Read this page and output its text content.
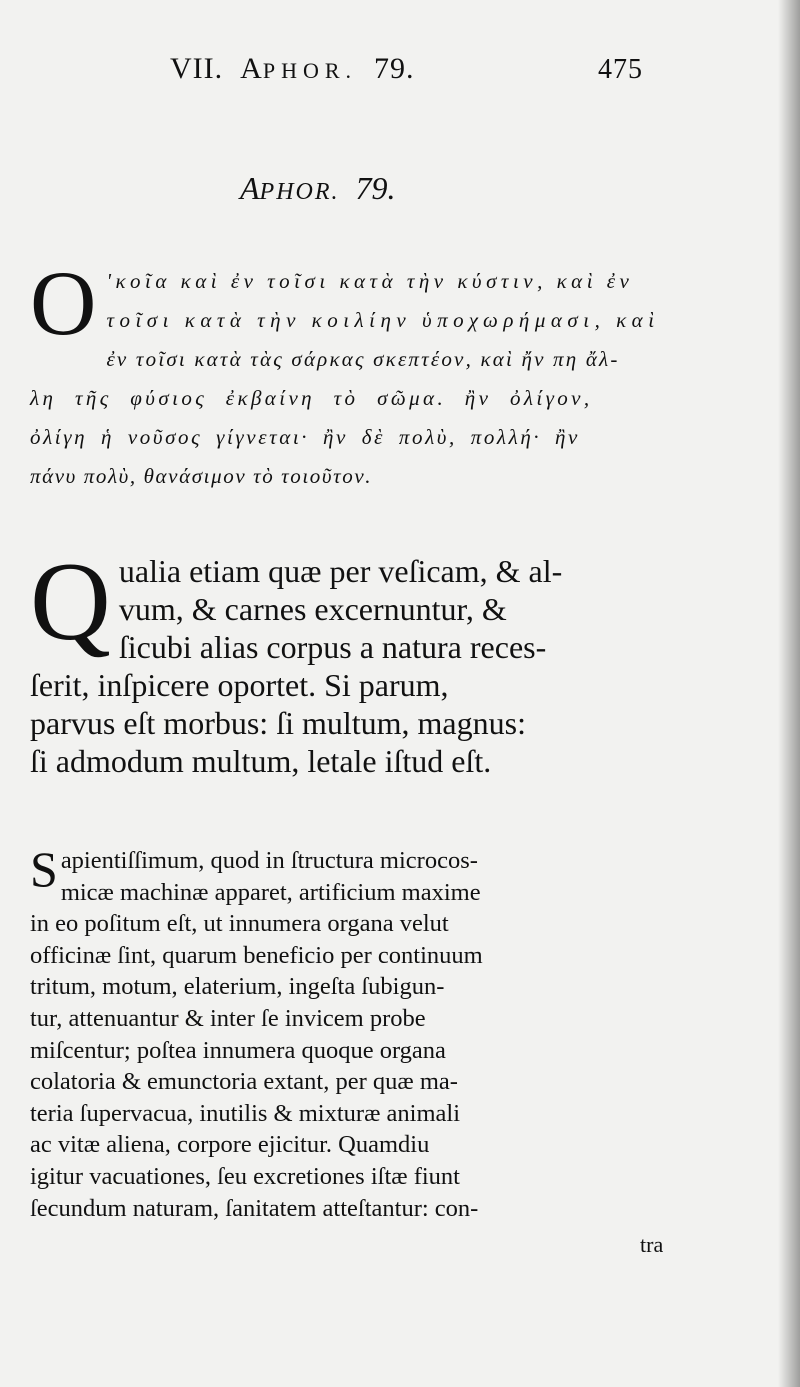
VII. APHOR. 79.	475
APHOR. 79.
O ʹκοῖα καὶ ἐν τοῖσι κατὰ τὴν κύστιν, καὶ ἐν
τοῖσι κατὰ τὴν κοιλίην ὑποχωρήμασι, καὶ
ἐν τοῖσι κατὰ τὰς σάρκας σκεπτέον, καὶ ἤν πη ἄλ-
λη τῆς φύσιος ἐκβαίνη τὸ σῶμα. ἢν ὀλίγον,
ὀλίγη ἡ νοῦσος γίγνεται· ἢν δὲ πολὺ, πολλή· ἢν
πάνυ πολὺ, θανάσιμον τὸ τοιοῦτον.
Q ualia etiam quæ per veſicam, & al-
vum, & carnes excernuntur, &
ſicubi alias corpus a natura reces-
ſerit, inſpicere oportet. Si parum,
parvus eſt morbus: ſi multum, magnus:
ſi admodum multum, letale iſtud eſt.
S apientiſſimum, quod in ſtructura microcos-
micæ machinæ apparet, artificium maxime
in eo poſitum eſt, ut innumera organa velut
officinæ ſint, quarum beneficio per continuum
tritum, motum, elaterium, ingeſta ſubigun-
tur, attenuantur & inter ſe invicem probe
miſcentur; poſtea innumera quoque organa
colatoria & emunctoria extant, per quæ ma-
teria ſupervacua, inutilis & mixturæ animali
ac vitæ aliena, corpore ejicitur. Quamdiu
igitur vacuationes, ſeu excretiones iſtæ fiunt
ſecundum naturam, ſanitatem atteſtantur: con-
tra
